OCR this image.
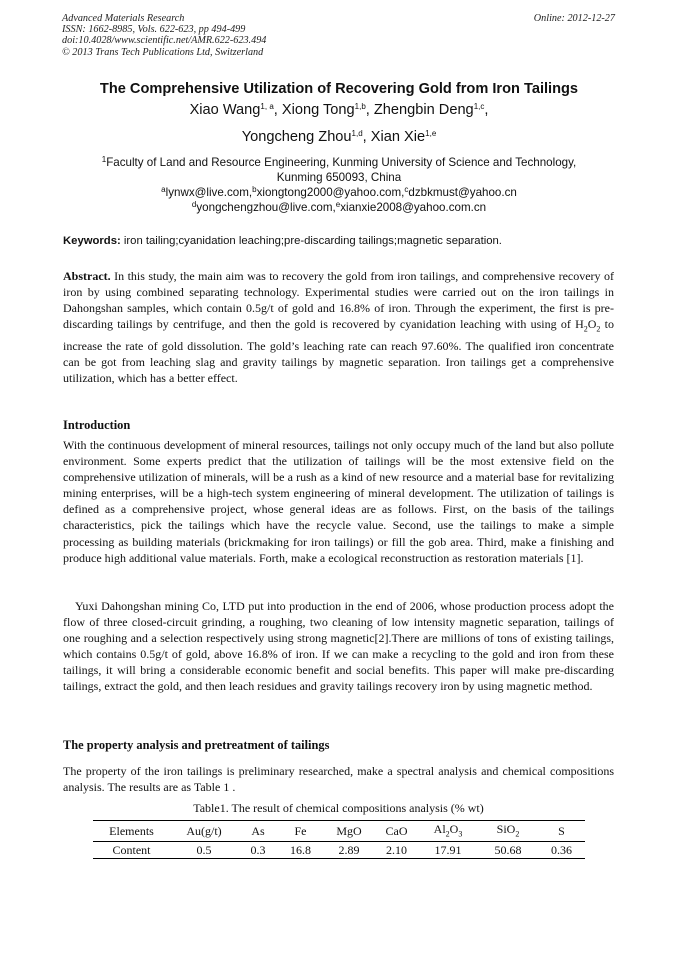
Advanced Materials Research
ISSN: 1662-8985, Vols. 622-623, pp 494-499
doi:10.4028/www.scientific.net/AMR.622-623.494
© 2013 Trans Tech Publications Ltd, Switzerland
Online: 2012-12-27
The Comprehensive Utilization of Recovering Gold from Iron Tailings
Xiao Wang$^{1, a}$, Xiong Tong$^{1,b}$, Zhengbin Deng$^{1,c}$,
Yongcheng Zhou$^{1,d}$, Xian Xie$^{1,e}$
$^1$Faculty of Land and Resource Engineering, Kunming University of Science and Technology,
Kunming 650093, China
$^a$lynwx@live.com,$^b$xiongtong2000@yahoo.com,$^c$dzbkmust@yahoo.cn
$^d$yongchengzhou@live.com,$^e$xianxie2008@yahoo.com.cn
Keywords: iron tailing;cyanidation leaching;pre-discarding tailings;magnetic separation.
Abstract. In this study, the main aim was to recovery the gold from iron tailings, and comprehensive recovery of iron by using combined separating technology. Experimental studies were carried out on the iron tailings in Dahongshan samples, which contain 0.5g/t of gold and 16.8% of iron. Through the experiment, the first is pre-discarding tailings by centrifuge, and then the gold is recovered by cyanidation leaching with using of $H_2O_2$ to increase the rate of gold dissolution. The gold’s leaching rate can reach 97.60%. The qualified iron concentrate can be got from leaching slag and gravity tailings by magnetic separation. Iron tailings get a comprehensive utilization, which has a better effect.
Introduction
With the continuous development of mineral resources, tailings not only occupy much of the land but also pollute environment. Some experts predict that the utilization of tailings will be the most extensive field on the comprehensive utilization of minerals, will be a rush as a kind of new resource and a material base for revitalizing mining enterprises, will be a high-tech system engineering of mineral development. The utilization of tailings is defined as a comprehensive project, whose general ideas are as follows. First, on the basis of the tailings characteristics, pick the tailings which have the recycle value. Second, use the tailings to make a simple processing as building materials (brickmaking for iron tailings) or fill the gob area. Third, make a finishing and produce high additional value materials. Forth, make a ecological reconstruction as restoration materials [1].
Yuxi Dahongshan mining Co, LTD put into production in the end of 2006, whose production process adopt the flow of three closed-circuit grinding, a roughing, two cleaning of low intensity magnetic separation, tailings of one roughing and a selection respectively using strong magnetic[2].There are millions of tons of existing tailings, which contains 0.5g/t of gold, above 16.8% of iron. If we can make a recycling to the gold and iron from these tailings, it will bring a considerable economic benefit and social benefits. This paper will make pre-discarding tailings, extract the gold, and then leach residues and gravity tailings recovery iron by using magnetic method.
The property analysis and pretreatment of tailings
The property of the iron tailings is preliminary researched, make a spectral analysis and chemical compositions analysis. The results are as Table 1 .
Table1. The result of chemical compositions analysis (% wt)
Elements	Au(g/t)	As	Fe	MgO	CaO	$Al_2O_3$	SiO$_2$	S
Content	0.5	0.3	16.8	2.89	2.10	17.91	50.68	0.36
